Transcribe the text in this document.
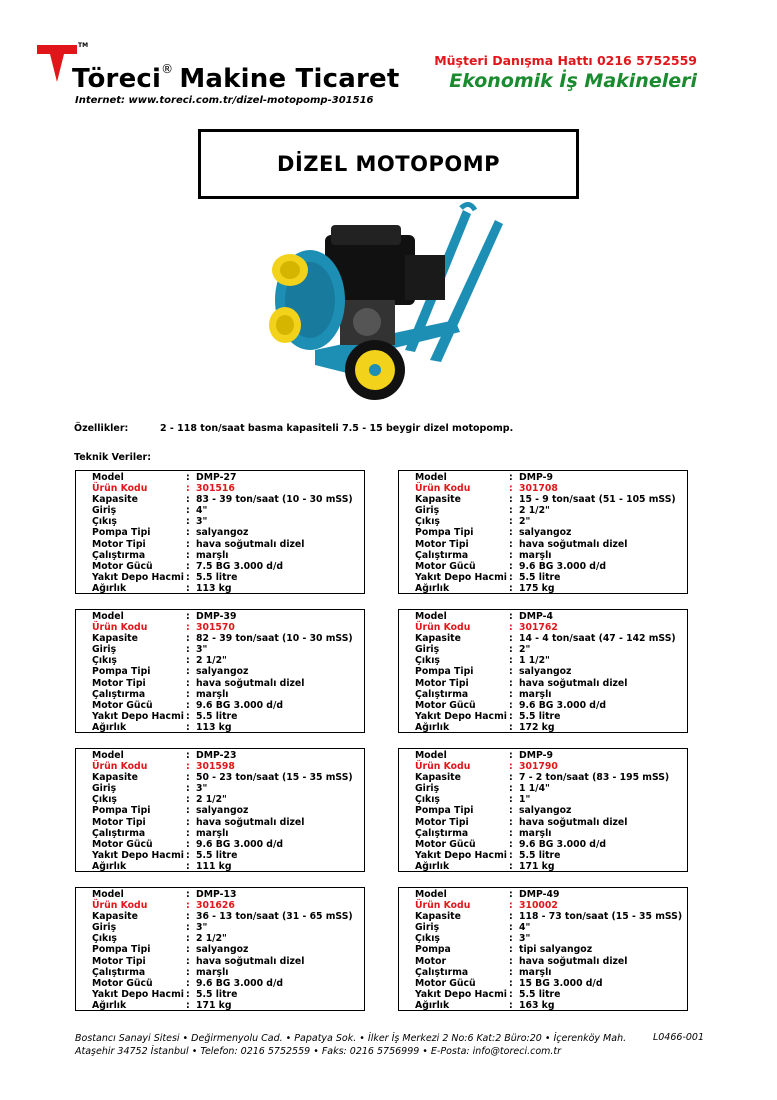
TM
Töreci® Makine Ticaret
Internet: www.toreci.com.tr/dizel-motopomp-301516
Müşteri Danışma Hattı 0216 5752559
Ekonomik İş Makineleri
DİZEL MOTOPOMP
Özellikler:	2 - 118 ton/saat basma kapasiteli 7.5 - 15 beygir dizel motopomp.
Teknik Veriler:
Model	: DMP-27
Ürün Kodu	: 301516
Kapasite	: 83 - 39 ton/saat (10 - 30 mSS)
Giriş	: 4"
Çıkış	: 3"
Pompa Tipi	: salyangoz
Motor Tipi	: hava soğutmalı dizel
Çalıştırma	: marşlı
Motor Gücü	: 7.5 BG 3.000 d/d
Yakıt Depo Hacmi : 5.5 litre
Ağırlık	: 113 kg
Model	: DMP-9
Ürün Kodu	: 301708
Kapasite	: 15 - 9 ton/saat (51 - 105 mSS)
Giriş	: 2 1/2"
Çıkış	: 2"
Pompa Tipi	: salyangoz
Motor Tipi	: hava soğutmalı dizel
Çalıştırma	: marşlı
Motor Gücü	: 9.6 BG 3.000 d/d
Yakıt Depo Hacmi : 5.5 litre
Ağırlık	: 175 kg
Model	: DMP-39
Ürün Kodu	: 301570
Kapasite	: 82 - 39 ton/saat (10 - 30 mSS)
Giriş	: 3"
Çıkış	: 2 1/2"
Pompa Tipi	: salyangoz
Motor Tipi	: hava soğutmalı dizel
Çalıştırma	: marşlı
Motor Gücü	: 9.6 BG 3.000 d/d
Yakıt Depo Hacmi : 5.5 litre
Ağırlık	: 113 kg
Model	: DMP-4
Ürün Kodu	: 301762
Kapasite	: 14 - 4 ton/saat (47 - 142 mSS)
Giriş	: 2"
Çıkış	: 1 1/2"
Pompa Tipi	: salyangoz
Motor Tipi	: hava soğutmalı dizel
Çalıştırma	: marşlı
Motor Gücü	: 9.6 BG 3.000 d/d
Yakıt Depo Hacmi : 5.5 litre
Ağırlık	: 172 kg
Model	: DMP-23
Ürün Kodu	: 301598
Kapasite	: 50 - 23 ton/saat (15 - 35 mSS)
Giriş	: 3"
Çıkış	: 2 1/2"
Pompa Tipi	: salyangoz
Motor Tipi	: hava soğutmalı dizel
Çalıştırma	: marşlı
Motor Gücü	: 9.6 BG 3.000 d/d
Yakıt Depo Hacmi : 5.5 litre
Ağırlık	: 111 kg
Model	: DMP-9
Ürün Kodu	: 301790
Kapasite	: 7 - 2 ton/saat (83 - 195 mSS)
Giriş	: 1 1/4"
Çıkış	: 1"
Pompa Tipi	: salyangoz
Motor Tipi	: hava soğutmalı dizel
Çalıştırma	: marşlı
Motor Gücü	: 9.6 BG 3.000 d/d
Yakıt Depo Hacmi : 5.5 litre
Ağırlık	: 171 kg
Model	: DMP-13
Ürün Kodu	: 301626
Kapasite	: 36 - 13 ton/saat (31 - 65 mSS)
Giriş	: 3"
Çıkış	: 2 1/2"
Pompa Tipi	: salyangoz
Motor Tipi	: hava soğutmalı dizel
Çalıştırma	: marşlı
Motor Gücü	: 9.6 BG 3.000 d/d
Yakıt Depo Hacmi : 5.5 litre
Ağırlık	: 171 kg
Model	: DMP-49
Ürün Kodu	: 310002
Kapasite	: 118 - 73 ton/saat (15 - 35 mSS)
Giriş	: 4"
Çıkış	: 3"
Pompa	: tipi salyangoz
Motor	: hava soğutmalı dizel
Çalıştırma	: marşlı
Motor Gücü	: 15 BG 3.000 d/d
Yakıt Depo Hacmi : 5.5 litre
Ağırlık	: 163 kg
Bostancı Sanayi Sitesi • Değirmenyolu Cad. • Papatya Sok. • İlker İş Merkezi 2 No:6 Kat:2 Büro:20 • İçerenköy Mah.
Ataşehir 34752 İstanbul • Telefon: 0216 5752559 • Faks: 0216 5756999 • E-Posta: info@toreci.com.tr
L0466-001
